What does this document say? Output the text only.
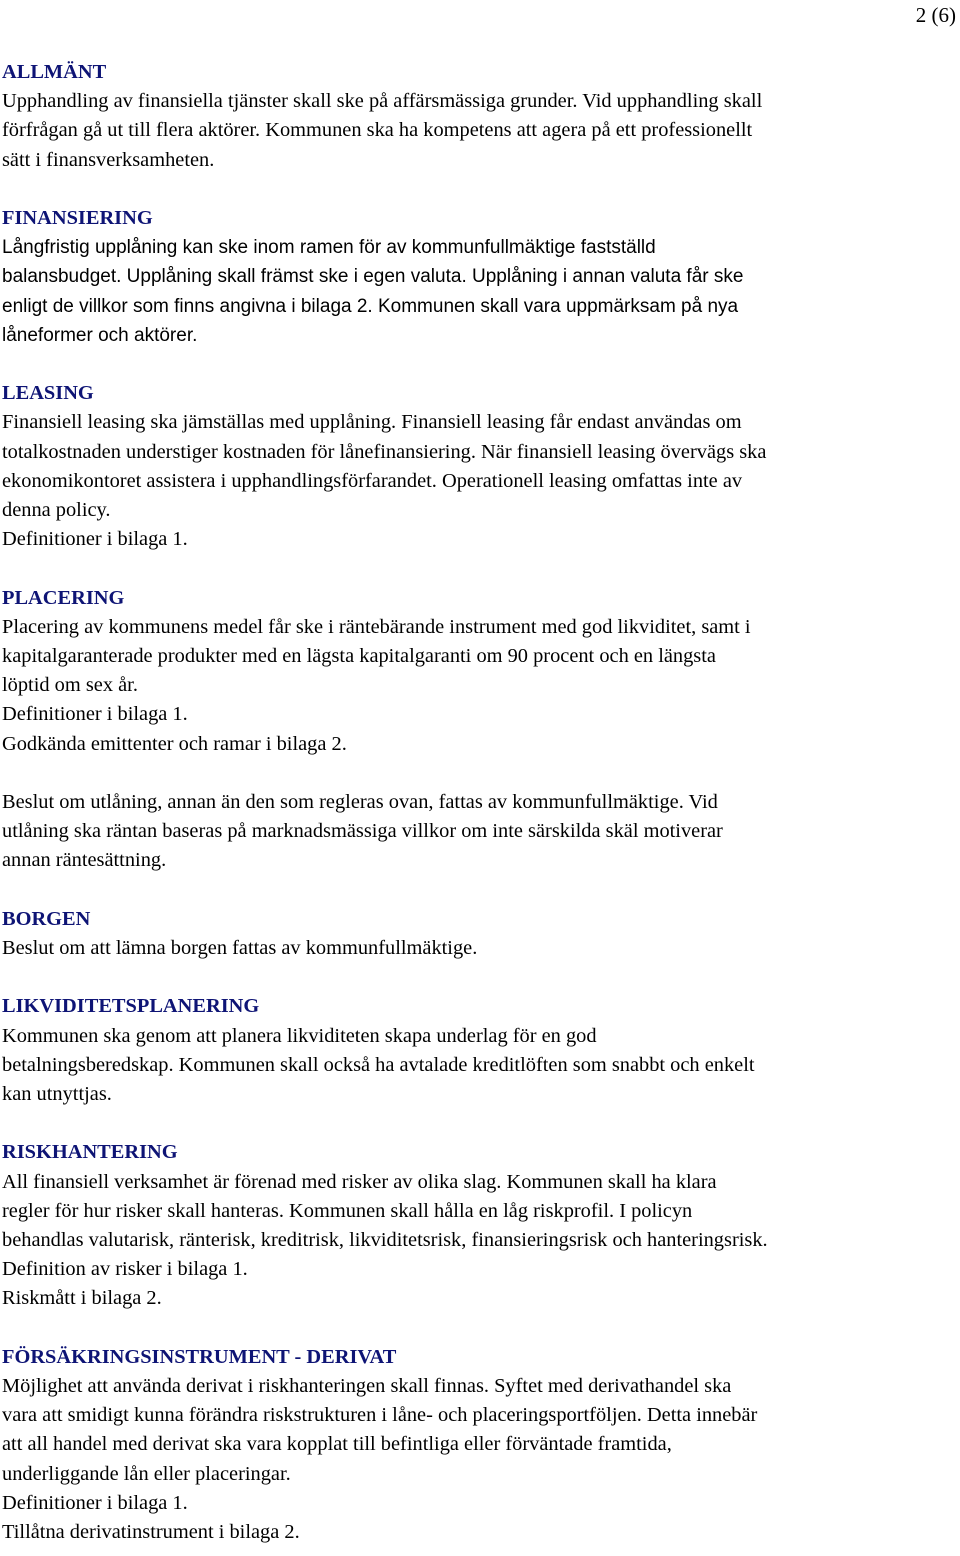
2 (6)

ALLMÄNT

Upphandling av finansiella tjänster skall ske på affärsmässiga grunder. Vid upphandling skall

förfrågan gå ut till flera aktörer. Kommunen ska ha kompetens att agera på ett professionellt

sätt i finansverksamheten.

FINANSIERING

Långfristig upplåning kan ske inom ramen för av kommunfullmäktige fastställd

balansbudget. Upplåning skall främst ske i egen valuta. Upplåning i annan valuta får ske

enligt de villkor som finns angivna i bilaga 2. Kommunen skall vara uppmärksam på nya

låneformer och aktörer.

LEASING

Finansiell leasing ska jämställas med upplåning. Finansiell leasing får endast användas om

totalkostnaden understiger kostnaden för lånefinansiering. När finansiell leasing övervägs ska

ekonomikontoret assistera i upphandlingsförfarandet. Operationell leasing omfattas inte av

denna policy.

Definitioner i bilaga 1.

PLACERING

Placering av kommunens medel får ske i räntebärande instrument med god likviditet, samt i

kapitalgaranterade produkter med en lägsta kapitalgaranti om 90 procent och en längsta

löptid om sex år.

Definitioner i bilaga 1.

Godkända emittenter och ramar i bilaga 2.

Beslut om utlåning, annan än den som regleras ovan, fattas av kommunfullmäktige. Vid

utlåning ska räntan baseras på marknadsmässiga villkor om inte särskilda skäl motiverar

annan räntesättning.

BORGEN

Beslut om att lämna borgen fattas av kommunfullmäktige.

LIKVIDITETSPLANERING

Kommunen ska genom att planera likviditeten skapa underlag för en god

betalningsberedskap. Kommunen skall också ha avtalade kreditlöften som snabbt och enkelt

kan utnyttjas.

RISKHANTERING

All finansiell verksamhet är förenad med risker av olika slag. Kommunen skall ha klara

regler för hur risker skall hanteras. Kommunen skall hålla en låg riskprofil. I policyn

behandlas valutarisk, ränterisk, kreditrisk, likviditetsrisk, finansieringsrisk och hanteringsrisk.

Definition av risker i bilaga 1.

Riskmått i bilaga 2.

FÖRSÄKRINGSINSTRUMENT - DERIVAT

Möjlighet att använda derivat i riskhanteringen skall finnas. Syftet med derivathandel ska

vara att smidigt kunna förändra riskstrukturen i låne- och placeringsportföljen. Detta innebär

att all handel med derivat ska vara kopplat till befintliga eller förväntade framtida,

underliggande lån eller placeringar.

Definitioner i bilaga 1.

Tillåtna derivatinstrument i bilaga 2.
